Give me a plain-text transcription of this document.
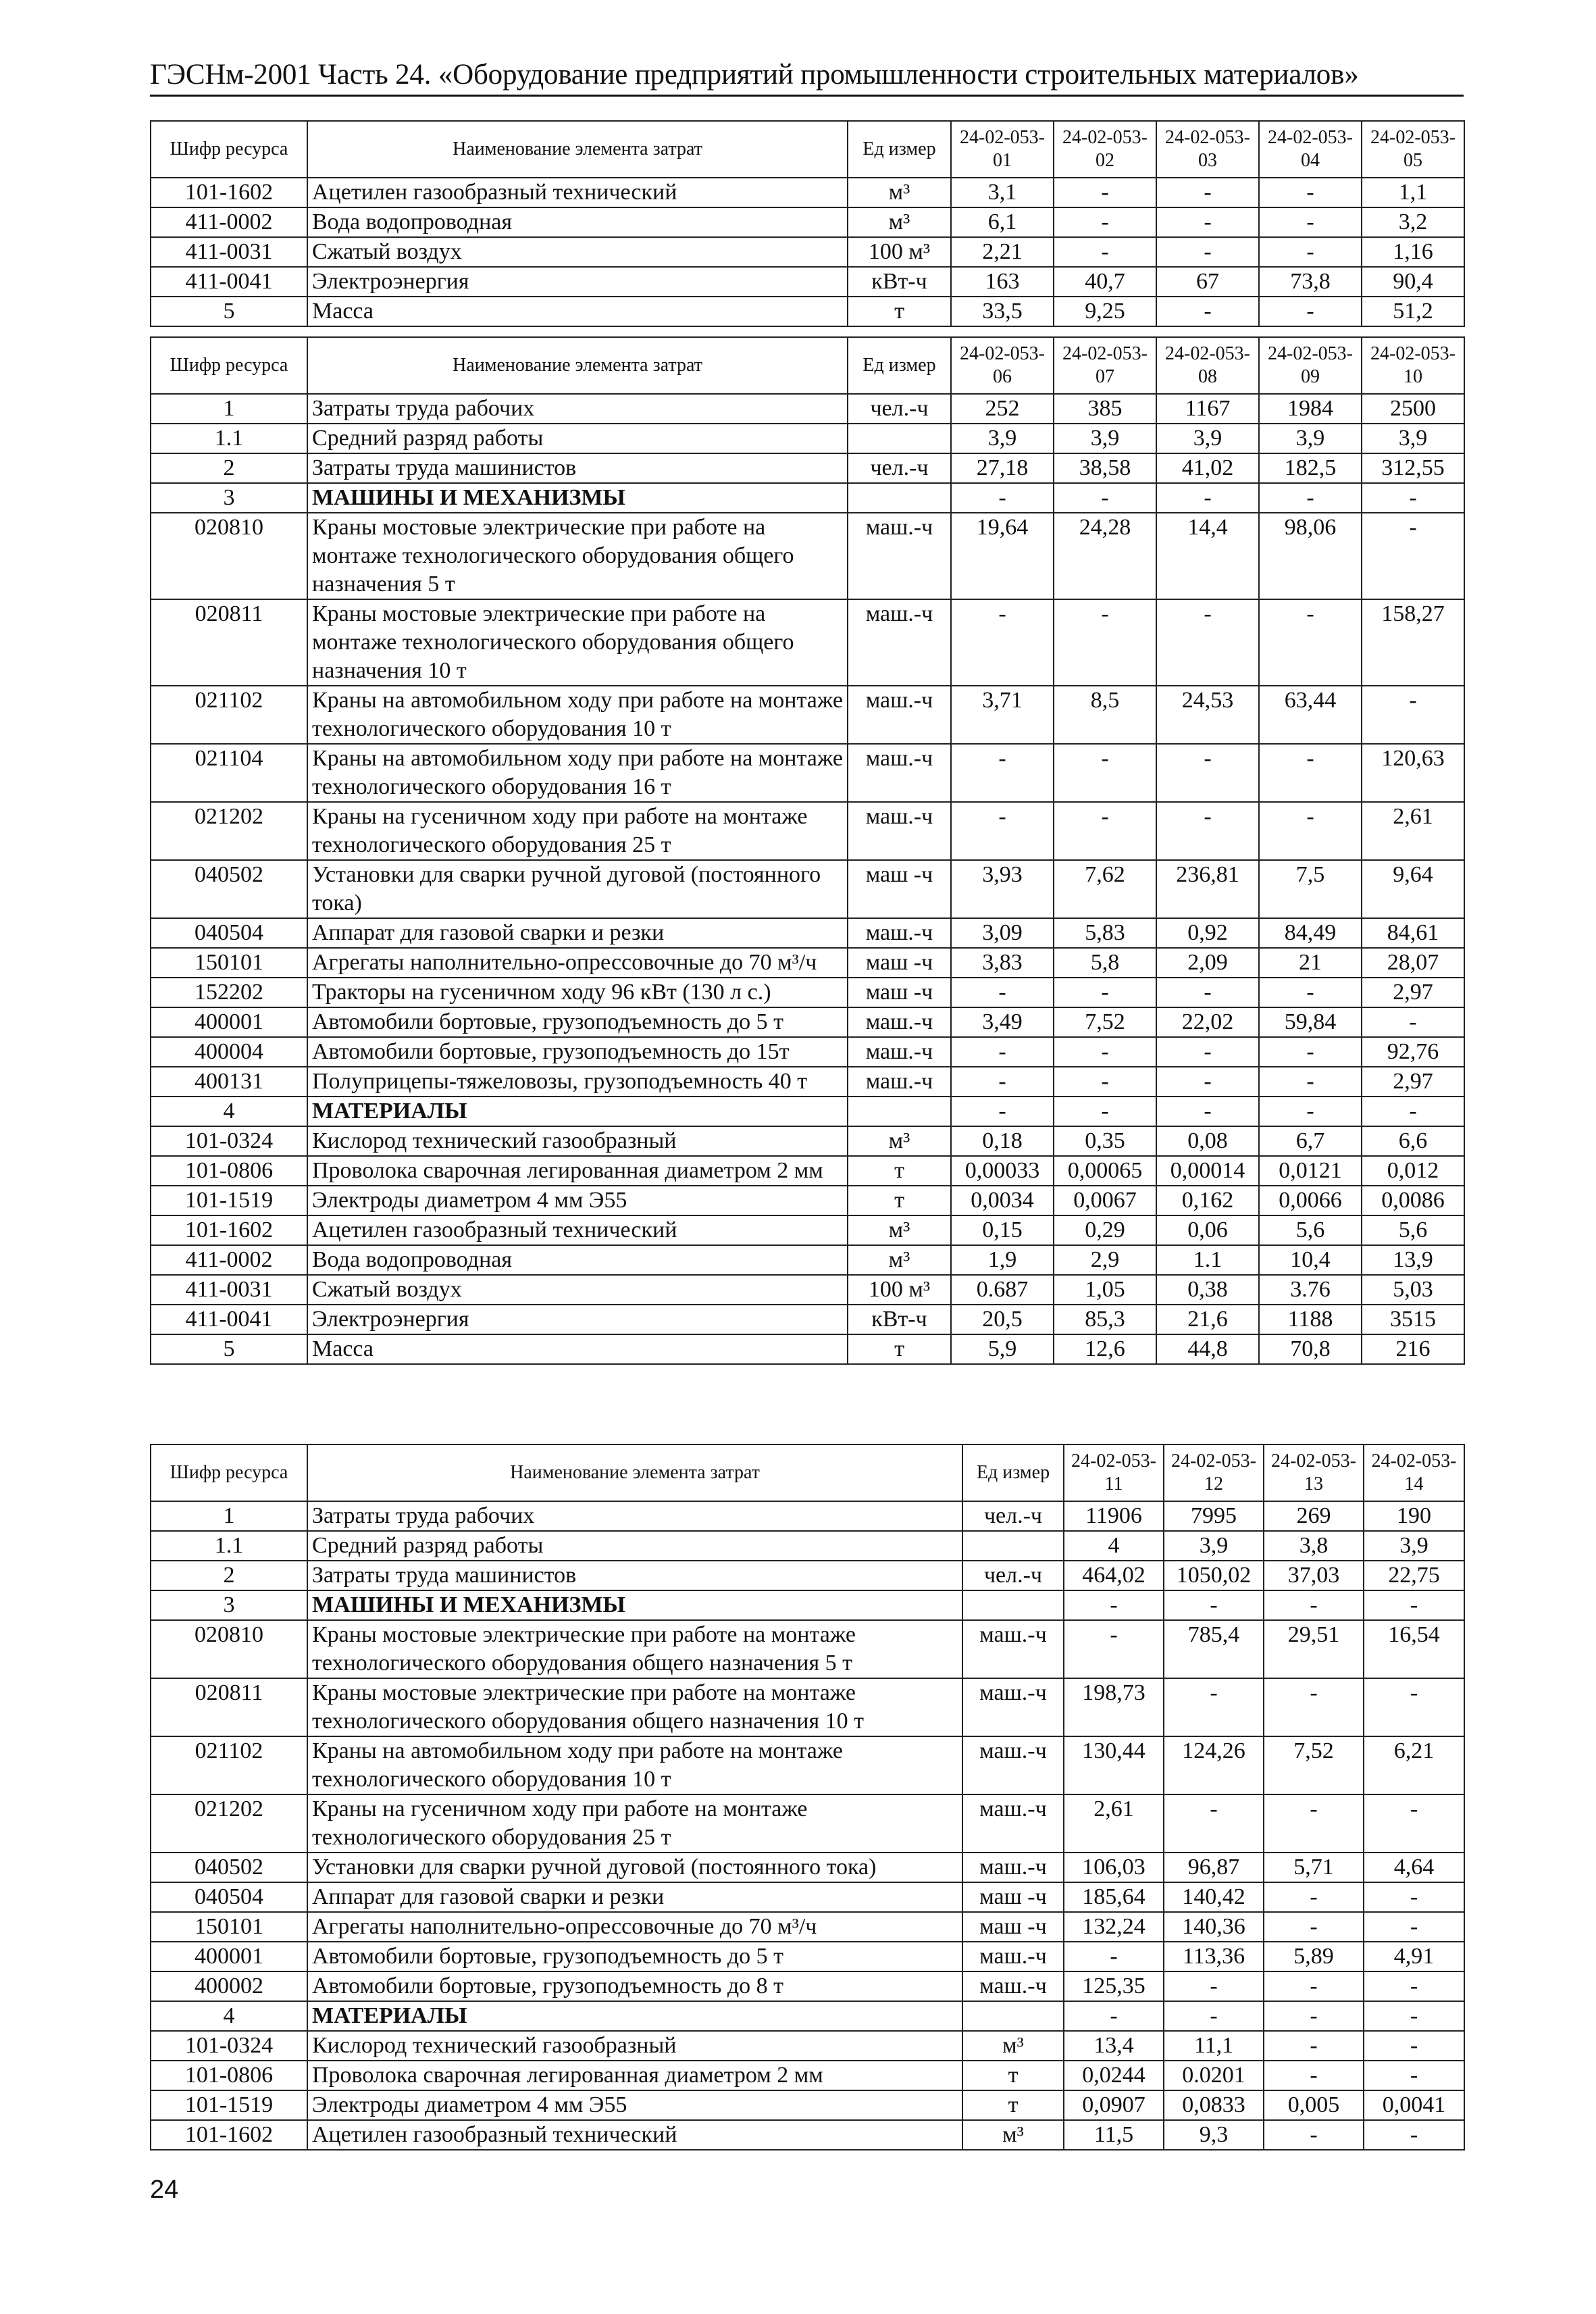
ГЭСНм-2001 Часть 24. «Оборудование предприятий промышленности строительных материалов»
Шифр ресурса	Наименование элемента затрат	Ед измер	24-02-053-01	24-02-053-02	24-02-053-03	24-02-053-04	24-02-053-05
101-1602	Ацетилен газообразный технический	м³	3,1	-	-	-	1,1
411-0002	Вода водопроводная	м³	6,1	-	-	-	3,2
411-0031	Сжатый воздух	100 м³	2,21	-	-	-	1,16
411-0041	Электроэнергия	кВт-ч	163	40,7	67	73,8	90,4
5	Масса	т	33,5	9,25	-	-	51,2
Шифр ресурса	Наименование элемента затрат	Ед измер	24-02-053-06	24-02-053-07	24-02-053-08	24-02-053-09	24-02-053-10
1	Затраты труда рабочих	чел.-ч	252	385	1167	1984	2500
1.1	Средний разряд работы		3,9	3,9	3,9	3,9	3,9
2	Затраты труда машинистов	чел.-ч	27,18	38,58	41,02	182,5	312,55
3	МАШИНЫ И МЕХАНИЗМЫ		-	-	-	-	-
020810	Краны мостовые электрические при работе на монтаже технологического оборудования общего назначения 5 т	маш.-ч	19,64	24,28	14,4	98,06	-
020811	Краны мостовые электрические при работе на монтаже технологического оборудования общего назначения 10 т	маш.-ч	-	-	-	-	158,27
021102	Краны на автомобильном ходу при работе на монтаже технологического оборудования 10 т	маш.-ч	3,71	8,5	24,53	63,44	-
021104	Краны на автомобильном ходу при работе на монтаже технологического оборудования 16 т	маш.-ч	-	-	-	-	120,63
021202	Краны на гусеничном ходу при работе на монтаже технологического оборудования 25 т	маш.-ч	-	-	-	-	2,61
040502	Установки для сварки ручной дуговой (постоянного тока)	маш -ч	3,93	7,62	236,81	7,5	9,64
040504	Аппарат для газовой сварки и резки	маш.-ч	3,09	5,83	0,92	84,49	84,61
150101	Агрегаты наполнительно-опрессовочные до 70 м³/ч	маш -ч	3,83	5,8	2,09	21	28,07
152202	Тракторы на гусеничном ходу 96 кВт (130 л с.)	маш -ч	-	-	-	-	2,97
400001	Автомобили бортовые, грузоподъемность до 5 т	маш.-ч	3,49	7,52	22,02	59,84	-
400004	Автомобили бортовые, грузоподъемность до 15т	маш.-ч	-	-	-	-	92,76
400131	Полуприцепы-тяжеловозы, грузоподъемность 40 т	маш.-ч	-	-	-	-	2,97
4	МАТЕРИАЛЫ		-	-	-	-	-
101-0324	Кислород технический газообразный	м³	0,18	0,35	0,08	6,7	6,6
101-0806	Проволока сварочная легированная диаметром 2 мм	т	0,00033	0,00065	0,00014	0,0121	0,012
101-1519	Электроды диаметром 4 мм Э55	т	0,0034	0,0067	0,162	0,0066	0,0086
101-1602	Ацетилен газообразный технический	м³	0,15	0,29	0,06	5,6	5,6
411-0002	Вода водопроводная	м³	1,9	2,9	1.1	10,4	13,9
411-0031	Сжатый воздух	100 м³	0.687	1,05	0,38	3.76	5,03
411-0041	Электроэнергия	кВт-ч	20,5	85,3	21,6	1188	3515
5	Масса	т	5,9	12,6	44,8	70,8	216
Шифр ресурса	Наименование элемента затрат	Ед измер	24-02-053-11	24-02-053-12	24-02-053-13	24-02-053-14
1	Затраты труда рабочих	чел.-ч	11906	7995	269	190
1.1	Средний разряд работы		4	3,9	3,8	3,9
2	Затраты труда машинистов	чел.-ч	464,02	1050,02	37,03	22,75
3	МАШИНЫ И МЕХАНИЗМЫ		-	-	-	-
020810	Краны мостовые электрические при работе на монтаже технологического оборудования общего назначения 5 т	маш.-ч	-	785,4	29,51	16,54
020811	Краны мостовые электрические при работе на монтаже технологического оборудования общего назначения 10 т	маш.-ч	198,73	-	-	-
021102	Краны на автомобильном ходу при работе на монтаже технологического оборудования 10 т	маш.-ч	130,44	124,26	7,52	6,21
021202	Краны на гусеничном ходу при работе на монтаже технологического оборудования 25 т	маш.-ч	2,61	-	-	-
040502	Установки для сварки ручной дуговой (постоянного тока)	маш.-ч	106,03	96,87	5,71	4,64
040504	Аппарат для газовой сварки и резки	маш -ч	185,64	140,42	-	-
150101	Агрегаты наполнительно-опрессовочные до 70 м³/ч	маш -ч	132,24	140,36	-	-
400001	Автомобили бортовые, грузоподъемность до 5 т	маш.-ч	-	113,36	5,89	4,91
400002	Автомобили бортовые, грузоподъемность до 8 т	маш.-ч	125,35	-	-	-
4	МАТЕРИАЛЫ		-	-	-	-
101-0324	Кислород технический газообразный	м³	13,4	11,1	-	-
101-0806	Проволока сварочная легированная диаметром 2 мм	т	0,0244	0.0201	-	-
101-1519	Электроды диаметром 4 мм Э55	т	0,0907	0,0833	0,005	0,0041
101-1602	Ацетилен газообразный технический	м³	11,5	9,3	-	-
24
